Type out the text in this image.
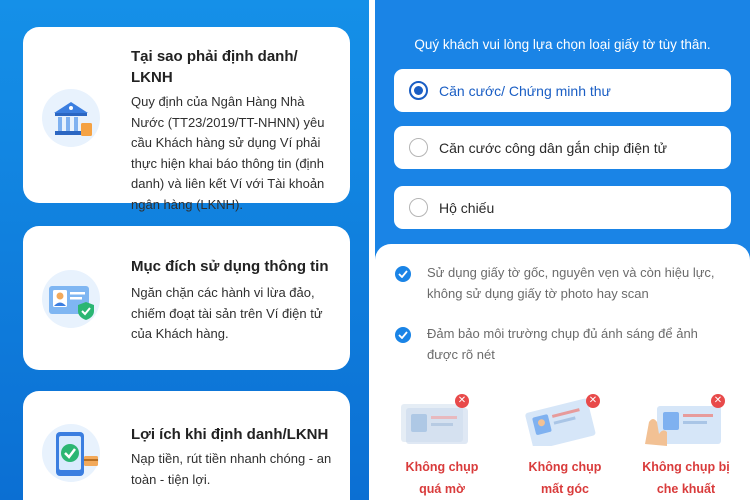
Tại sao phải định danh/ LKNH
Quy định của Ngân Hàng Nhà Nước (TT23/2019/TT-NHNN) yêu cầu Khách hàng sử dụng Ví phải thực hiện khai báo thông tin (định danh) và liên kết Ví với Tài khoản ngân hàng (LKNH).
Mục đích sử dụng thông tin
Ngăn chặn các hành vi lừa đảo, chiếm đoạt tài sản trên Ví điện tử của Khách hàng.
Lợi ích khi định danh/LKNH
Nạp tiền, rút tiền nhanh chóng - an toàn - tiện lợi.
Quý khách vui lòng lựa chọn loại giấy tờ tùy thân.
Căn cước/ Chứng minh thư
Căn cước công dân gắn chip điện tử
Hộ chiếu
Sử dụng giấy tờ gốc, nguyên vẹn và còn hiệu lực, không sử dụng giấy tờ photo hay scan
Đảm bảo môi trường chụp đủ ánh sáng để ảnh được rõ nét
✕
Không chụp
quá mờ
✕
Không chụp
mất góc
✕
Không chụp bị
che khuất
